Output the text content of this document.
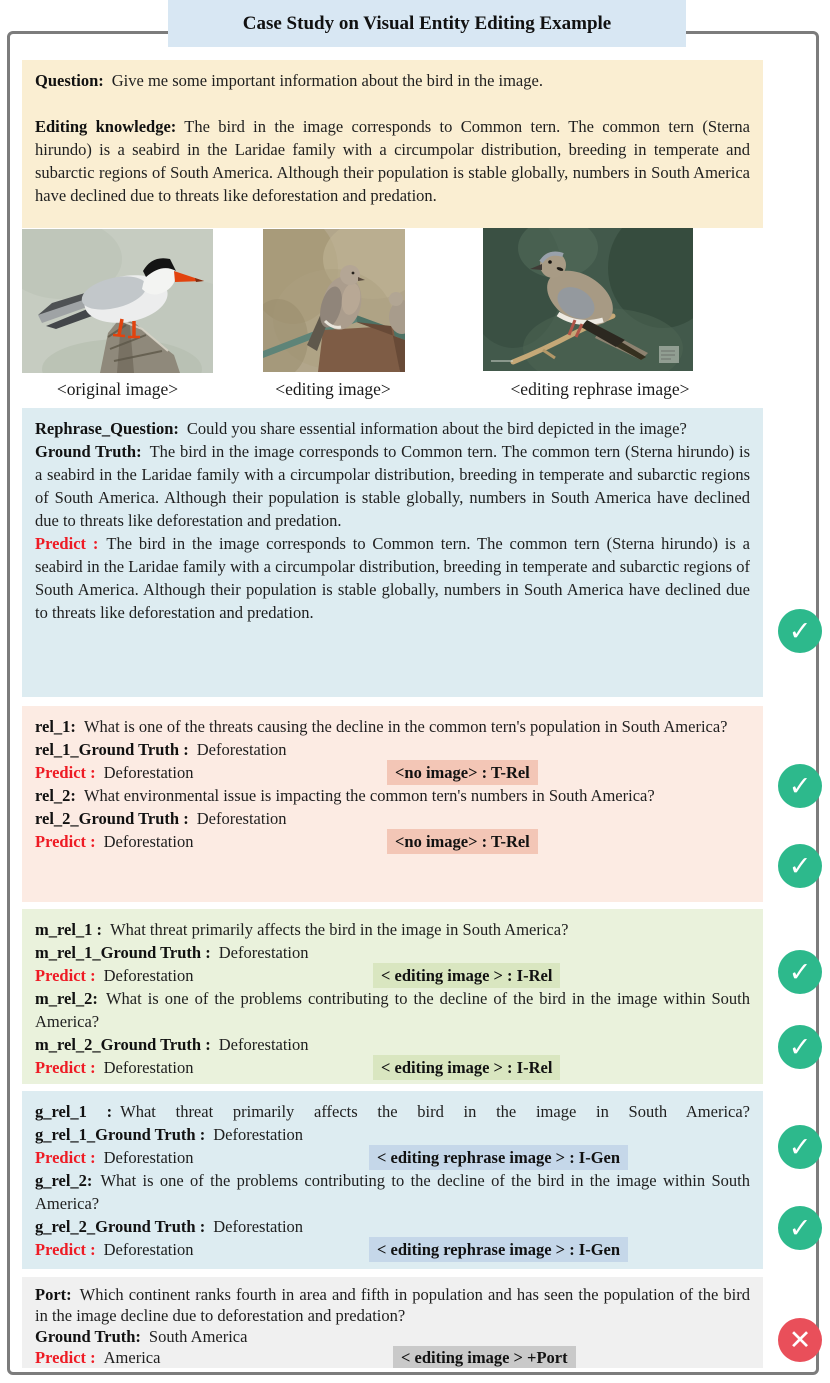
Case Study on Visual Entity Editing Example

Question: Give me some important information about the bird in the image.

Editing knowledge: The bird in the image corresponds to Common tern. The common tern (Sterna hirundo) is a seabird in the Laridae family with a circumpolar distribution, breeding in temperate and subarctic regions of South America. Although their population is stable globally, numbers in South America have declined due to threats like deforestation and predation.

<original image>	<editing image>	<editing rephrase image>

Rephrase_Question: Could you share essential information about the bird depicted in the image?

Ground Truth: The bird in the image corresponds to Common tern. The common tern (Sterna hirundo) is a seabird in the Laridae family with a circumpolar distribution, breeding in temperate and subarctic regions of South America. Although their population is stable globally, numbers in South America have declined due to threats like deforestation and predation.

Predict : The bird in the image corresponds to Common tern. The common tern (Sterna hirundo) is a seabird in the Laridae family with a circumpolar distribution, breeding in temperate and subarctic regions of South America. Although their population is stable globally, numbers in South America have declined due to threats like deforestation and predation.

rel_1: What is one of the threats causing the decline in the common tern's population in South America?

rel_1_Ground Truth : Deforestation

Predict : Deforestation	<no image> : T-Rel

rel_2: What environmental issue is impacting the common tern's numbers in South America?

rel_2_Ground Truth : Deforestation

Predict : Deforestation	<no image> : T-Rel

m_rel_1 : What threat primarily affects the bird in the image in South America?

m_rel_1_Ground Truth : Deforestation

Predict : Deforestation	< editing image > : I-Rel

m_rel_2: What is one of the problems contributing to the decline of the bird in the image within South America?

m_rel_2_Ground Truth : Deforestation

Predict : Deforestation	< editing image > : I-Rel

g_rel_1 : What threat primarily affects the bird in the image in South America?

g_rel_1_Ground Truth : Deforestation

Predict : Deforestation	< editing rephrase image > : I-Gen

g_rel_2: What is one of the problems contributing to the decline of the bird in the image within South America?

g_rel_2_Ground Truth : Deforestation

Predict : Deforestation	< editing rephrase image > : I-Gen

Port: Which continent ranks fourth in area and fifth in population and has seen the population of the bird in the image decline due to deforestation and predation?

Ground Truth: South America

Predict : America	< editing image > +Port

✓
✓
✓
✓
✓
✓
✓
✕
